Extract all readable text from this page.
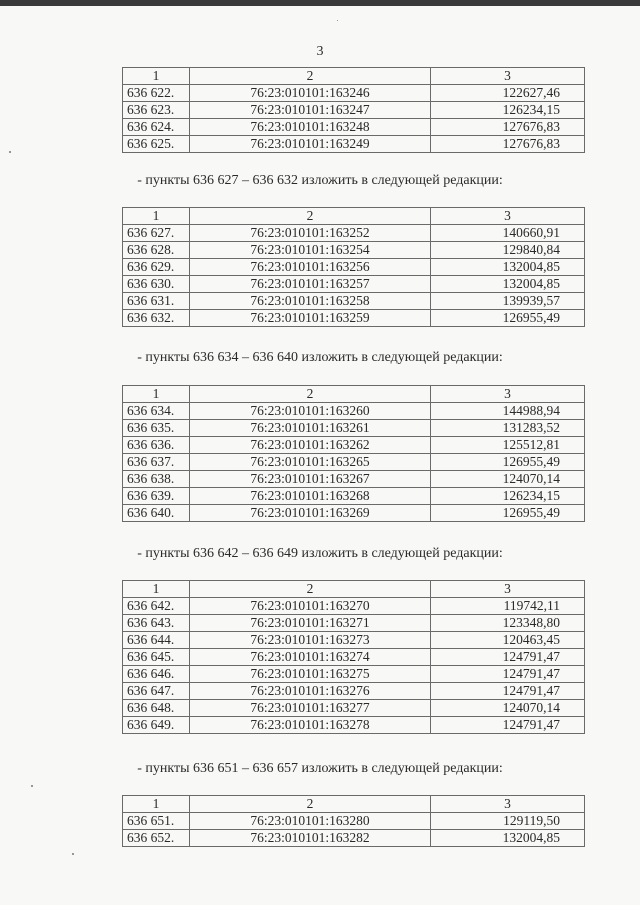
3
- пункты 636 627 – 636 632 изложить в следующей редакции:
- пункты 636 634 – 636 640 изложить в следующей редакции:
- пункты 636 642 – 636 649 изложить в следующей редакции:
- пункты 636 651 – 636 657 изложить в следующей редакции:
1	2	3
636 622.	76:23:010101:163246	122627,46
636 623.	76:23:010101:163247	126234,15
636 624.	76:23:010101:163248	127676,83
636 625.	76:23:010101:163249	127676,83
1	2	3
636 627.	76:23:010101:163252	140660,91
636 628.	76:23:010101:163254	129840,84
636 629.	76:23:010101:163256	132004,85
636 630.	76:23:010101:163257	132004,85
636 631.	76:23:010101:163258	139939,57
636 632.	76:23:010101:163259	126955,49
1	2	3
636 634.	76:23:010101:163260	144988,94
636 635.	76:23:010101:163261	131283,52
636 636.	76:23:010101:163262	125512,81
636 637.	76:23:010101:163265	126955,49
636 638.	76:23:010101:163267	124070,14
636 639.	76:23:010101:163268	126234,15
636 640.	76:23:010101:163269	126955,49
1	2	3
636 642.	76:23:010101:163270	119742,11
636 643.	76:23:010101:163271	123348,80
636 644.	76:23:010101:163273	120463,45
636 645.	76:23:010101:163274	124791,47
636 646.	76:23:010101:163275	124791,47
636 647.	76:23:010101:163276	124791,47
636 648.	76:23:010101:163277	124070,14
636 649.	76:23:010101:163278	124791,47
1	2	3
636 651.	76:23:010101:163280	129119,50
636 652.	76:23:010101:163282	132004,85
